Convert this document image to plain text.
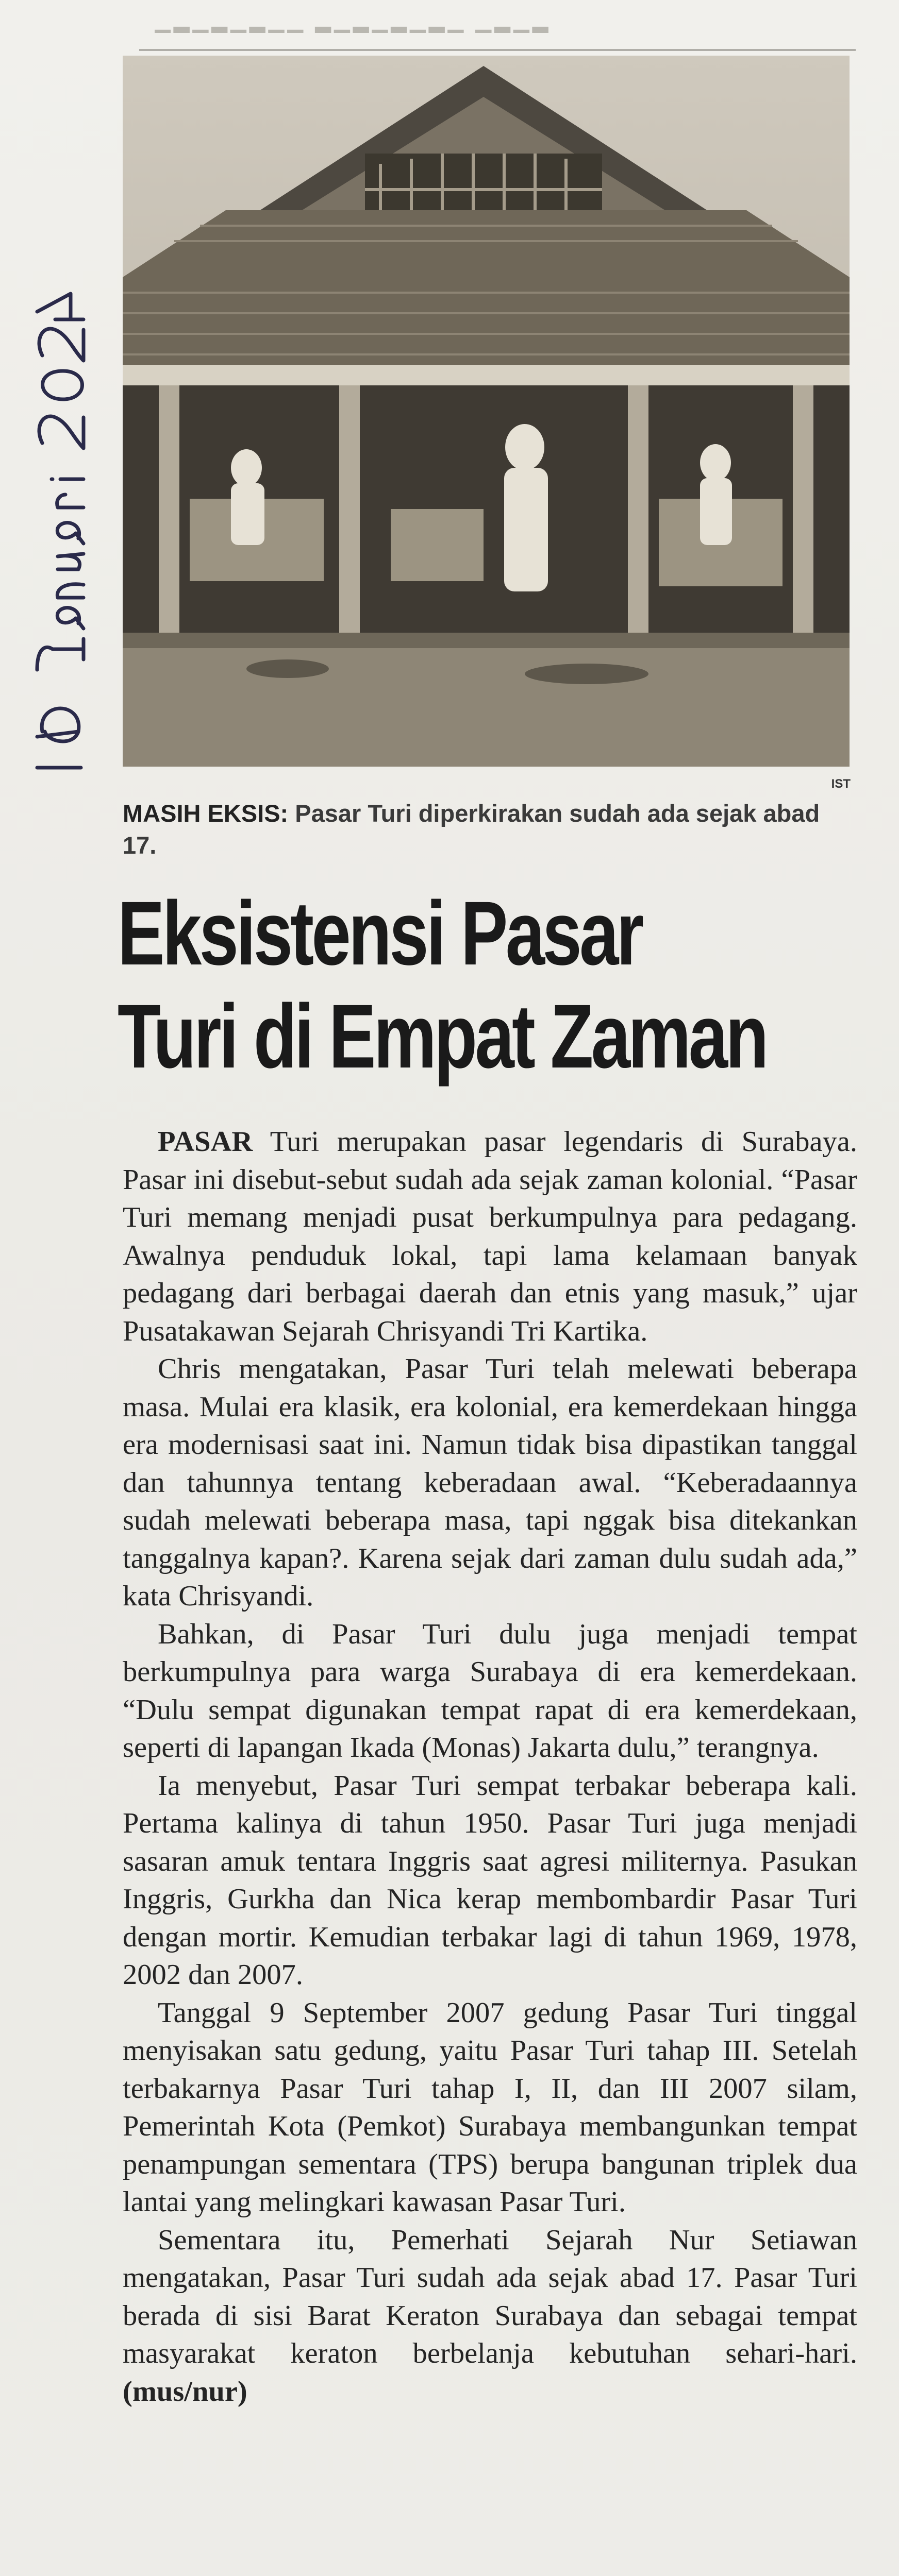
▁▂▁▂▁▂▁▁ ▂▁▂▁▂▁▂▁ ▁▂▁▂
IST
MASIH EKSIS: Pasar Turi diperkirakan sudah ada sejak abad 17.
Eksistensi Pasar
Turi di Empat Zaman

PASAR Turi merupakan pasar legendaris di Surabaya. Pasar ini disebut-sebut sudah ada sejak zaman kolonial. “Pasar Turi memang menjadi pusat berkumpulnya para pedagang. Awalnya penduduk lokal, tapi lama kelamaan banyak pedagang dari berbagai daerah dan etnis yang masuk,” ujar Pusatakawan Sejarah Chrisyandi Tri Kartika.

Chris mengatakan, Pasar Turi telah melewati beberapa masa. Mulai era klasik, era kolonial, era kemerdekaan hingga era modernisasi saat ini. Namun tidak bisa dipastikan tanggal dan tahunnya tentang keberadaan awal. “Keberadaannya sudah melewati beberapa masa, tapi nggak bisa ditekankan tanggalnya kapan?. Karena sejak dari zaman dulu sudah ada,” kata Chrisyandi.

Bahkan, di Pasar Turi dulu juga menjadi tempat berkumpulnya para warga Surabaya di era kemerdekaan. “Dulu sempat digunakan tempat rapat di era kemerdekaan, seperti di lapangan Ikada (Monas) Jakarta dulu,” terangnya.

Ia menyebut, Pasar Turi sempat terbakar beberapa kali. Pertama kalinya di tahun 1950. Pasar Turi juga menjadi sasaran amuk tentara Inggris saat agresi militernya. Pasukan Inggris, Gurkha dan Nica kerap membombardir Pasar Turi dengan mortir. Kemudian terbakar lagi di tahun 1969, 1978, 2002 dan 2007.

Tanggal 9 September 2007 gedung Pasar Turi tinggal menyisakan satu gedung, yaitu Pasar Turi tahap III. Setelah terbakarnya Pasar Turi tahap I, II, dan III 2007 silam, Pemerintah Kota (Pemkot) Surabaya membangunkan tempat penampungan sementara (TPS) berupa bangunan triplek dua lantai yang melingkari kawasan Pasar Turi.

Sementara itu, Pemerhati Sejarah Nur Setiawan mengatakan, Pasar Turi sudah ada sejak abad 17. Pasar Turi berada di sisi Barat Keraton Surabaya dan sebagai tempat masyarakat keraton berbelanja kebutuhan sehari-hari. (mus/nur)
